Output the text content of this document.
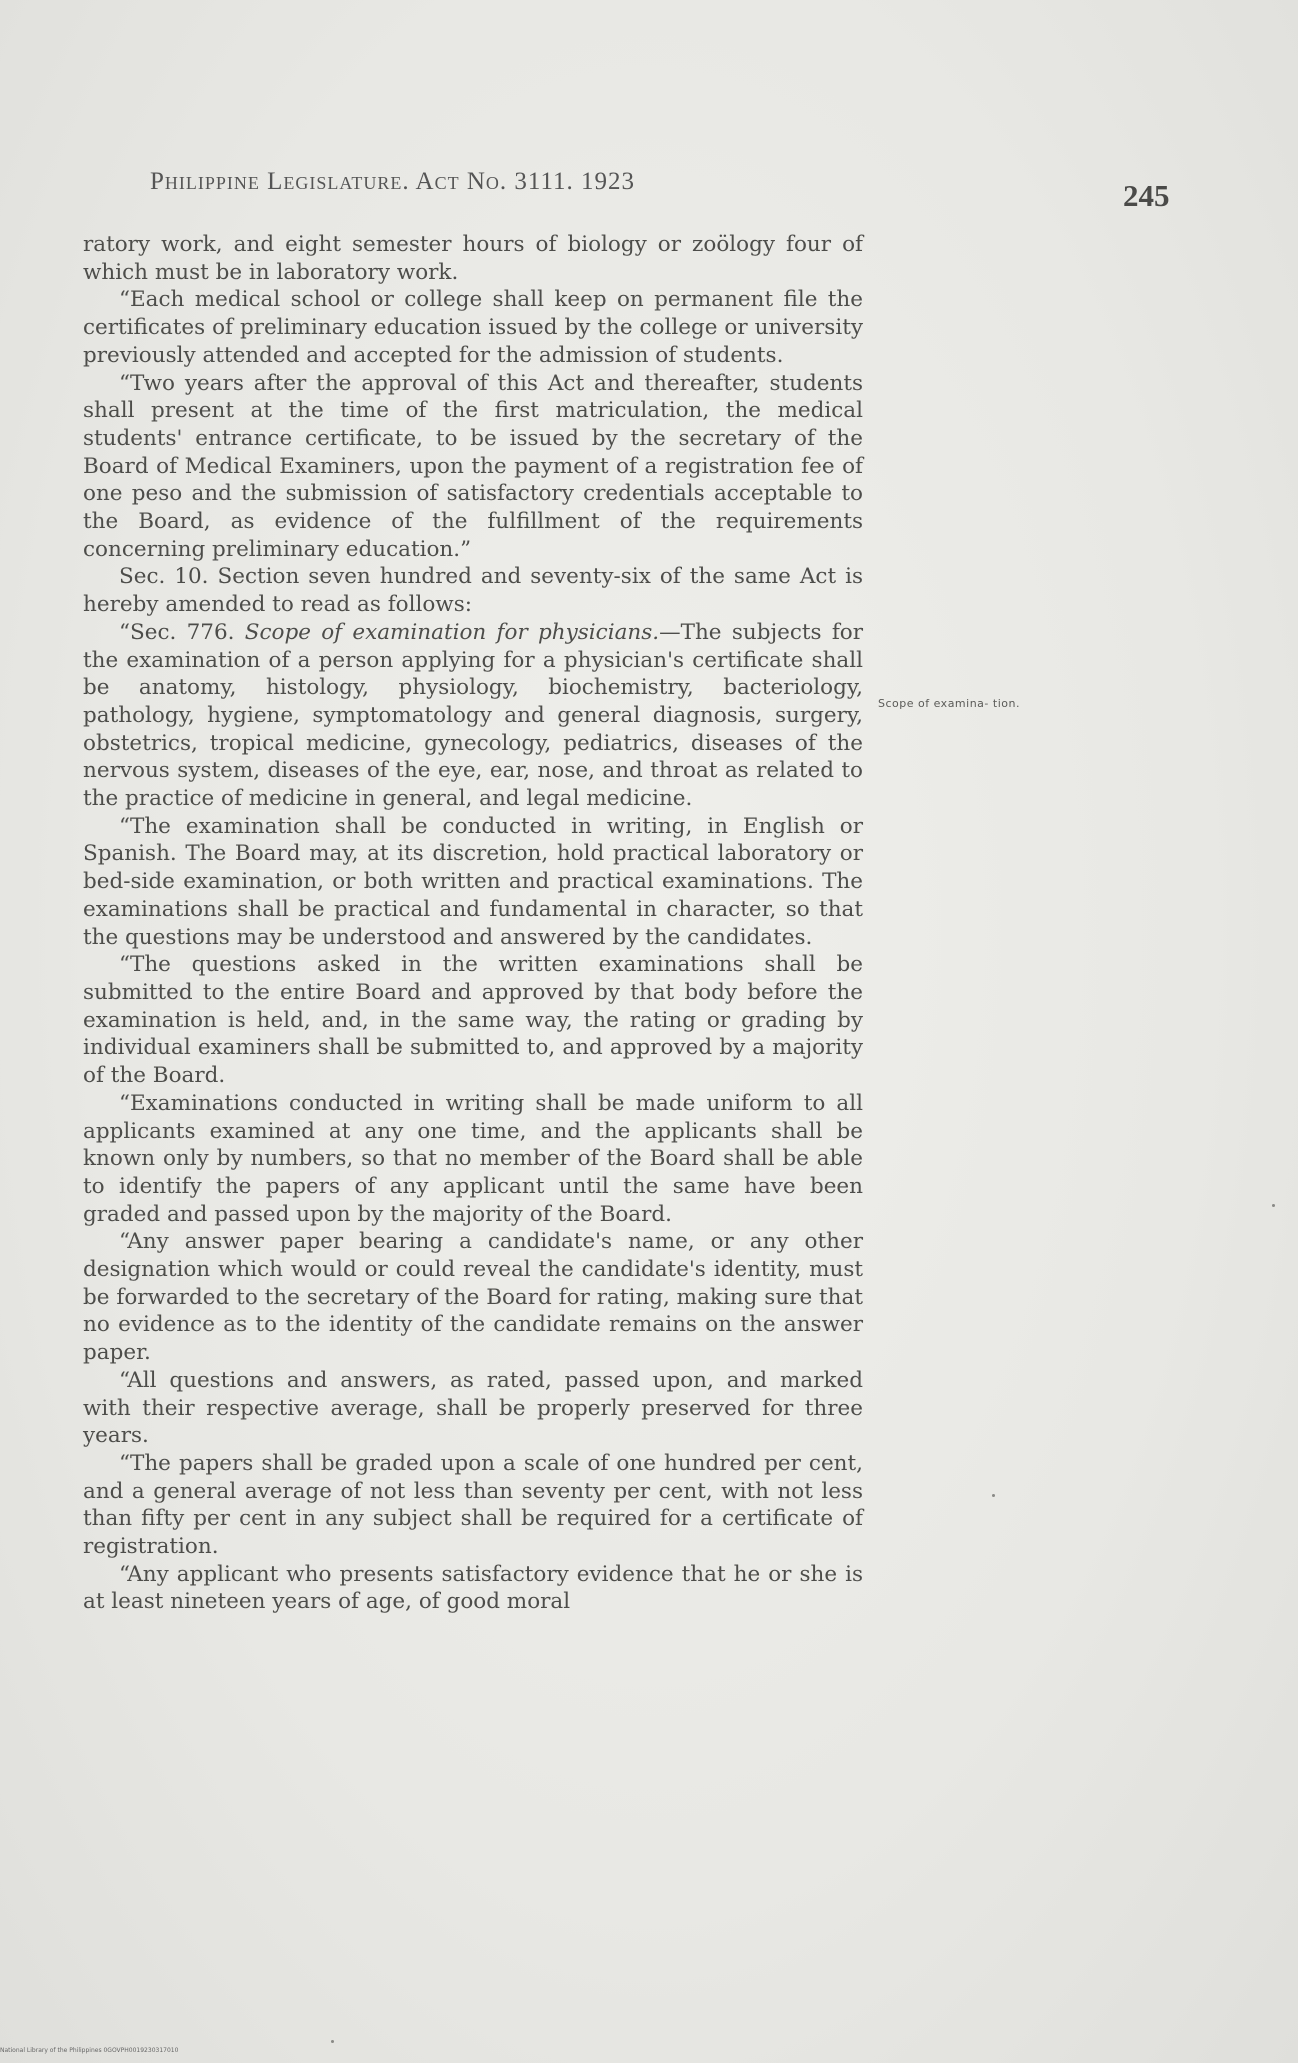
Philippine Legislature. Act No. 3111. 1923	245
Scope of examina- tion.

ratory work, and eight semester hours of biology or zoölogy four of which must be in laboratory work.

“Each medical school or college shall keep on permanent file the certificates of preliminary education issued by the college or university previously attended and accepted for the admission of students.

“Two years after the approval of this Act and thereafter, students shall present at the time of the first matriculation, the medical students' entrance certificate, to be issued by the secretary of the Board of Medical Examiners, upon the payment of a registration fee of one peso and the submission of satisfactory credentials acceptable to the Board, as evidence of the fulfillment of the requirements concerning preliminary education.”

Sec. 10. Section seven hundred and seventy-six of the same Act is hereby amended to read as follows:

“Sec. 776. Scope of examination for physicians.—The subjects for the examination of a person applying for a physician's certificate shall be anatomy, histology, physiology, biochemistry, bacteriology, pathology, hygiene, symptomatology and general diagnosis, surgery, obstetrics, tropical medicine, gynecology, pediatrics, diseases of the nervous system, diseases of the eye, ear, nose, and throat as related to the practice of medicine in general, and legal medicine.

“The examination shall be conducted in writing, in English or Spanish. The Board may, at its discretion, hold practical laboratory or bed-side examination, or both written and practical examinations. The examinations shall be practical and fundamental in character, so that the questions may be understood and answered by the candidates.

“The questions asked in the written examinations shall be submitted to the entire Board and approved by that body before the examination is held, and, in the same way, the rating or grading by individual examiners shall be submitted to, and approved by a majority of the Board.

“Examinations conducted in writing shall be made uniform to all applicants examined at any one time, and the applicants shall be known only by numbers, so that no member of the Board shall be able to identify the papers of any applicant until the same have been graded and passed upon by the majority of the Board.

“Any answer paper bearing a candidate's name, or any other designation which would or could reveal the candidate's identity, must be forwarded to the secretary of the Board for rating, making sure that no evidence as to the identity of the candidate remains on the answer paper.

“All questions and answers, as rated, passed upon, and marked with their respective average, shall be properly preserved for three years.

“The papers shall be graded upon a scale of one hundred per cent, and a general average of not less than seventy per cent, with not less than fifty per cent in any subject shall be required for a certificate of registration.

“Any applicant who presents satisfactory evidence that he or she is at least nineteen years of age, of good moral

National Library of the Philippines 0GOVPH0019230317010
